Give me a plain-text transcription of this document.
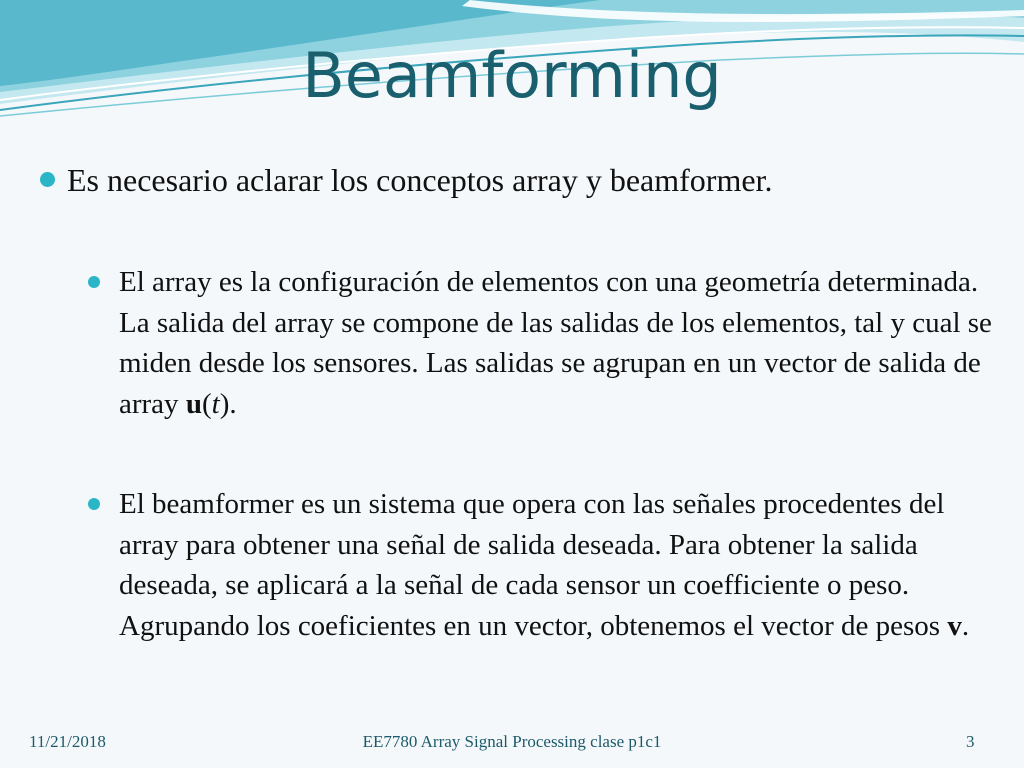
Beamforming
Es necesario aclarar los conceptos array y beamformer.
El array es la configuración de elementos con una geometría determinada. La salida del array se compone de las salidas de los elementos, tal y cual se miden desde los sensores. Las salidas se agrupan en un vector de salida de array u(t).
El beamformer es un sistema que opera con las señales procedentes del array para obtener una señal de salida deseada. Para obtener la salida deseada, se aplicará a la señal de cada sensor un coefficiente o peso. Agrupando los coeficientes en un vector, obtenemos el vector de pesos v.
11/21/2018	EE7780 Array Signal Processing clase p1c1	3
